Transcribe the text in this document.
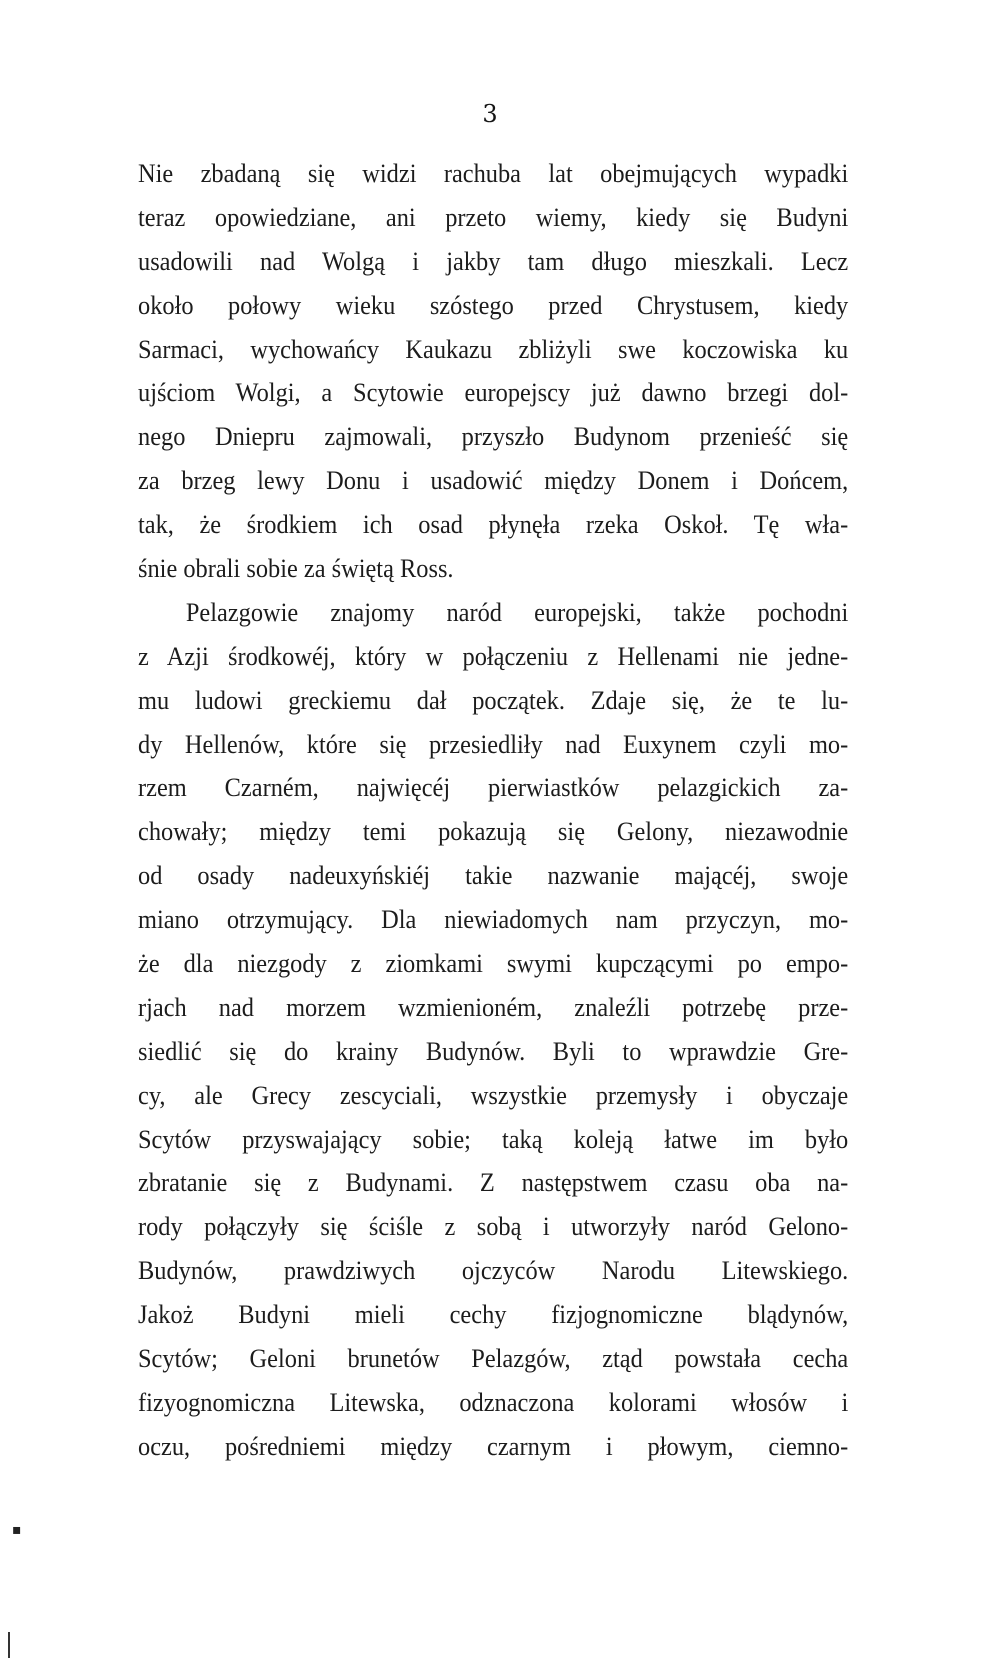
3
Nie zbadaną się widzi rachuba lat obejmujących wypadki
teraz opowiedziane, ani przeto wiemy, kiedy się Budyni
usadowili nad Wolgą i jakby tam długo mieszkali. Lecz
około połowy wieku szóstego przed Chrystusem, kiedy
Sarmaci, wychowańcy Kaukazu zbliżyli swe koczowiska ku
ujściom Wolgi, a Scytowie europejscy już dawno brzegi dol-
nego Dniepru zajmowali, przyszło Budynom przenieść się
za brzeg lewy Donu i usadowić między Donem i Dońcem,
tak, że środkiem ich osad płynęła rzeka Oskoł. Tę wła-
śnie obrali sobie za świętą Ross.
Pelazgowie znajomy naród europejski, także pochodni
z Azji środkowéj, który w połączeniu z Hellenami nie jedne-
mu ludowi greckiemu dał początek. Zdaje się, że te lu-
dy Hellenów, które się przesiedliły nad Euxynem czyli mo-
rzem Czarném, najwięcéj pierwiastków pelazgickich za-
chowały; między temi pokazują się Gelony, niezawodnie
od osady nadeuxyńskiéj takie nazwanie mającéj, swoje
miano otrzymujący. Dla niewiadomych nam przyczyn, mo-
że dla niezgody z ziomkami swymi kupczącymi po empo-
rjach nad morzem wzmienioném, znaleźli potrzebę prze-
siedlić się do krainy Budynów. Byli to wprawdzie Gre-
cy, ale Grecy zescyciali, wszystkie przemysły i obyczaje
Scytów przyswajający sobie; taką koleją łatwe im było
zbratanie się z Budynami. Z następstwem czasu oba na-
rody połączyły się ściśle z sobą i utworzyły naród Gelono-
Budynów, prawdziwych ojczyców Narodu Litewskiego.
Jakoż Budyni mieli cechy fizjognomiczne blądynów,
Scytów; Geloni brunetów Pelazgów, ztąd powstała cecha
fizyognomiczna Litewska, odznaczona kolorami włosów i
oczu, pośredniemi między czarnym i płowym, ciemno-
▪
